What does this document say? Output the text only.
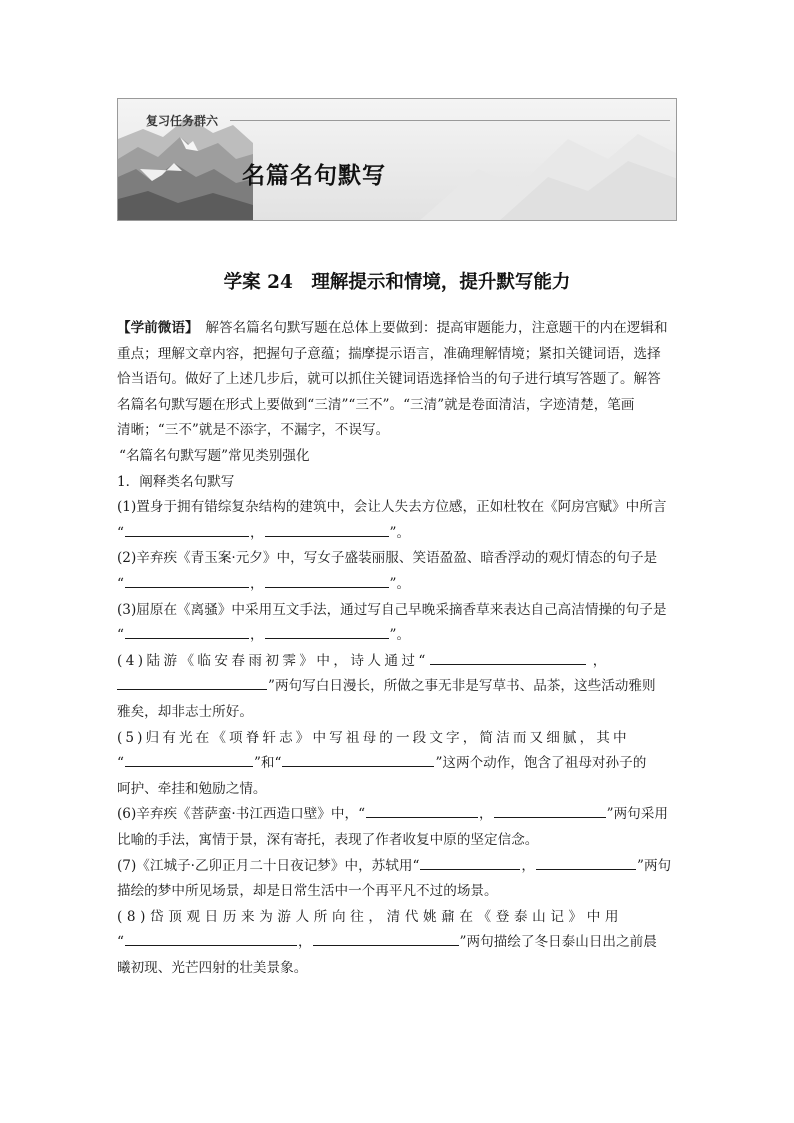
复习任务群六
名篇名句默写
学案 24　理解提示和情境，提升默写能力
【学前微语】　解答名篇名句默写题在总体上要做到：提高审题能力，注意题干的内在逻辑和
重点；理解文章内容，把握句子意蕴；揣摩提示语言，准确理解情境；紧扣关键词语，选择
恰当语句。做好了上述几步后，就可以抓住关键词语选择恰当的句子进行填写答题了。解答
名篇名句默写题在形式上要做到“三清”“三不”。“三清”就是卷面清洁，字迹清楚，笔画
清晰；“三不”就是不添字，不漏字，不误写。
“名篇名句默写题”常见类别强化
1．阐释类名句默写
(1)置身于拥有错综复杂结构的建筑中，会让人失去方位感，正如杜牧在《阿房宫赋》中所言
“	，	”。
(2)辛弃疾《青玉案·元夕》中，写女子盛装丽服、笑语盈盈、暗香浮动的观灯情态的句子是
“	，	”。
(3)屈原在《离骚》中采用互文手法，通过写自己早晚采摘香草来表达自己高洁情操的句子是
“	，	”。
(4)陆游《临安春雨初霁》中，诗人通过“	，
”两句写白日漫长，所做之事无非是写草书、品茶，这些活动雅则
雅矣，却非志士所好。
(5)归有光在《项脊轩志》中写祖母的一段文字，简洁而又细腻，其中
“	”和“	”这两个动作，饱含了祖母对孙子的
呵护、牵挂和勉励之情。
(6)辛弃疾《菩萨蛮·书江西造口壁》中，“	，	”两句采用
比喻的手法，寓情于景，深有寄托，表现了作者收复中原的坚定信念。
(7)《江城子·乙卯正月二十日夜记梦》中，苏轼用“	，	”两句
描绘的梦中所见场景，却是日常生活中一个再平凡不过的场景。
(8)岱顶观日历来为游人所向往，清代姚鼐在《登泰山记》中用
“	，	”两句描绘了冬日泰山日出之前晨
曦初现、光芒四射的壮美景象。
